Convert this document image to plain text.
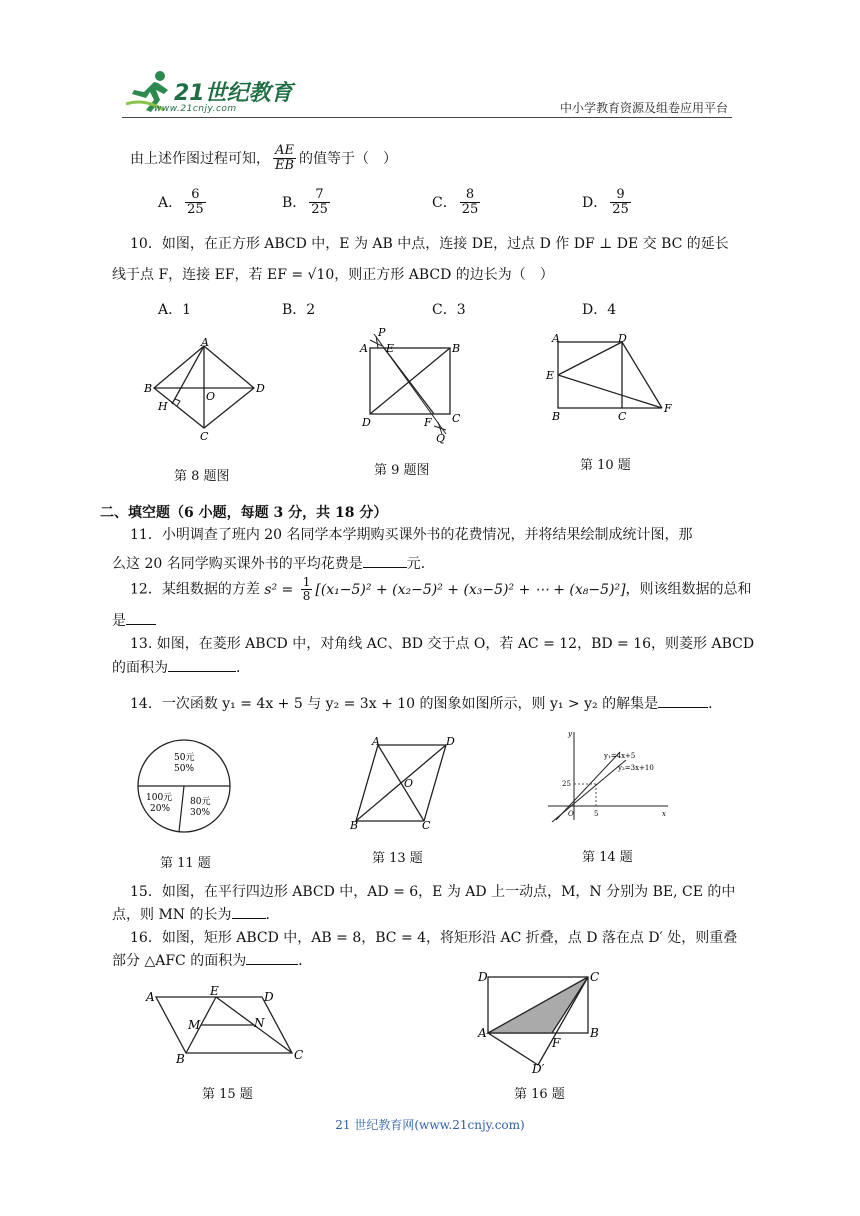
21世纪教育
www.21cnjy.com	中小学教育资源及组卷应用平台
由上述作图过程可知， $\frac{AE}{EB}$ 的值等于（　）
A． $\frac{6}{25}$	B． $\frac{7}{25}$	C． $\frac{8}{25}$	D． $\frac{9}{25}$
10．如图，在正方形 ABCD 中，E 为 AB 中点，连接 DE，过点 D 作 DF ⊥ DE 交 BC 的延长
线于点 F，连接 EF，若 EF = √10，则正方形 ABCD 的边长为（　）
A．1	B．2	C．3	D．4
A
B	D
C
H
O
第 8 题图
P
A E	B
D	F C
Q
第 9 题图
A	D
E
B	C
F
第 10 题
二、填空题（6 小题，每题 3 分，共 18 分）
11．小明调查了班内 20 名同学本学期购买课外书的花费情况，并将结果绘制成统计图，那
么这 20 名同学购买课外书的平均花费是	元．
12．某组数据的方差 $s^2 = \frac{1}{8} [(x_1-5)^2 + (x_2-5)^2 + (x_3-5)^2$ + ⋯ + (x₈−5)²]，则该组数据的总和
是
13. 如图，在菱形 ABCD 中，对角线 AC、BD 交于点 O，若 AC = 12，BD = 16，则菱形 ABCD
的面积为	．
14．一次函数 y₁ = 4x + 5 与 y₂ = 3x + 10 的图象如图所示，则 y₁ > y₂ 的解集是	．
50元
50%
100元
20%
80元
30%
第 11 题
A	D
B	C
O
第 13 题
x
y
25
5
O
y₁=4x+5
y₂=3x+10
第 14 题
15．如图，在平行四边形 ABCD 中，AD = 6，E 为 AD 上一动点，M，N 分别为 BE, CE 的中
点，则 MN 的长为 ．
16．如图，矩形 ABCD 中，AB = 8，BC = 4，将矩形沿 AC 折叠，点 D 落在点 D′ 处，则重叠
部分 △AFC 的面积为	．
A	E	D
M	N
B	C
第 15 题
D	C
A	B
F
D′
第 16 题
21 世纪教育网(www.21cnjy.com)
